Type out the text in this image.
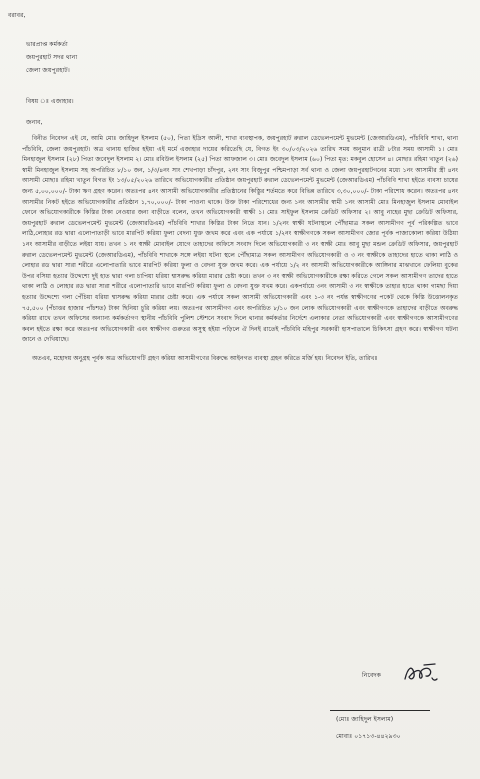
বরাবর,
ভারপ্রাপ্ত কর্মকর্তা
জয়পুরহাট সদর থানা
জেলা জয়পুরহাট।
বিষয় ঃ এজাহার।
জনাব,

বিনীত নিবেদন এই যে, আমি মোঃ জাহিদুল ইসলাম (৫০), পিতা ইদ্রিস আলী, শাখা ব্যবস্থাপক, জয়পুরহাট রুরাল ডেভেলপমেন্ট মুভমেন্ট (জেআরডিএম), পাঁচবিবি শাখা, থানা পাঁচবিবি, জেলা জয়পুরহাট। অত্র থানায় হাজির হইয়া এই মর্মে এজাহার দায়ের করিতেছি যে, বিগত ইং ৩০/০৩/২০২৬ তারিখ সময় অনুমান রাত্রী ৮টার সময় আসামী ১। মোঃ মিনহাজুল ইসলাম (২৮) পিতা জবেদুল ইসলাম ২। মোঃ রবিউল ইসলাম (২৫) পিতা আফজাল ৩। মোঃ জবেদুল ইসলাম (৬০) পিতা মৃত: মকবুল হোসেন ৪। মোছাঃ রহিমা খাতুন (২৬) স্বামী মিনহাজুল ইসলাম সহ অপরিচিত ৮/১০ জন, ১/৩/৪নং সাং শেখপাড়া চাঁদপুর, ২নং সাং বিজুপুর পশ্চিমপাড়া সর্ব থানা ও জেলা জয়পুরহাটগনের মধ্যে ১নং আসামীর স্ত্রী ৪নং আসামী মোছাঃ রহিমা খাতুন বিগত ইং ১৩/০৫/২০২৬ তারিখে অভিযোগকারীর প্রতিষ্ঠান জয়পুরহাট রুরাল ডেভেলপমেন্ট মুভমেন্ট (জেআরডিএম) পাঁচবিবি শাখা হইতে ব্যবসা চাষের জন্য ৫,০০,০০০/- টাকা ঋণ গ্রহণ করেন। অতঃপর ৪নং আসামী অভিযোগকারীর প্রতিষ্ঠানের কিস্তুির শর্তমতে করে বিভিন্ন তারিখে ৩,৩০,০০০/- টাকা পরিশোধ করেন। অতঃপর ৪নং আসামীর নিকট হইতে অভিযোগকারীর প্রতিষ্ঠান ১,৭০,০০০/- টাকা পাওনা থাকে। উক্ত টাকা পরিশোধের জন্য ১নং আসামীর স্বামী ১নং আসামী মোঃ মিনহাজুল ইসলাম মোবাইল ফোনে অভিযোগকারীকে কিস্তির টাকা নেওয়ার জন্য বাড়ীতে বলেন, তখন অভিযোগকারী স্বাক্ষী ১। মোঃ সাইফুল ইসলাম ক্রেডিট অফিসার ২। আবু নাহের মুছা ক্রেডিট অফিসার, জয়পুরহাট রুরাল ডেভেলপমেন্ট মুভমেন্ট (জেআরডিএম) পাঁচবিবি শাখার কিস্তির টাকা নিতে যান। ১/২নং স্বাক্ষী ঘটনাস্থলে পৌঁছামাত্র সকল আসামীগণ পূর্ব পরিকল্পিত ভাবে লাঠি,লোহার রড দ্বারা এলোপাতাড়ী ভাবে মারপিট করিয়া ফুলা বেদনা যুক্ত জখম করে এবং এক পর্যায়ে ১/২নং স্বাক্ষীগণকে সকল আসামীগণ জোর পূর্বক পাজাকোলা করিয়া উঠিয়া ১নং আসামীর বাড়ীতে লইয়া যায়। তখন ১ নং স্বাক্ষী মোবাইল যোগে তাহাদের অফিসে সংবাদ দিলে অভিযোগকারী ৩ নং স্বাক্ষী মোঃ আবু মুছা মন্ডল ক্রেডিট অফিসার, জয়পুরহাট রুরাল ডেভেলপমেন্ট মুভমেন্ট (জেআরডিএম), পাঁচবিবি শাখাকে সঙ্গে লইয়া ঘটনা স্থলে পৌঁছামাত্র সকল আসামীগণ অভিযোগকারী ও ৩ নং স্বাক্ষীকে তাহাদের হাতে থাকা লাঠি ও লোহার রড দ্বারা সারা শরীরে এলোপাতারি ভাবে মারপিট করিয়া ফুলা ও বেদনা যুক্ত জখম করে। এক পর্যায়ে ১/২ নং আসামী অভিযোগকারীকে আঙ্গিনার মাঝখানে ফেলিয়া বুকের উপর বসিয়া হত্যার উদ্দেশ্যে দুই হাত দ্বারা গলা চাপিয়া ধরিয়া শ্বাসরুদ্ধ করিয়া মারার চেষ্টা করে। তখন ৩ নং স্বাক্ষী অভিযোগকারীকে রক্ষা করিতে গেলে সকল আসামীগণ তাদের হাতে থাকা লাঠি ও লোহার রড দ্বারা সারা শরীরে এলোপাতারি ভাবে মারপিট করিয়া ফুলা ও বেদনা যুক্ত যখম করে। একপর্যায়ে ৩নং আসামী ৩ নং স্বাক্ষীকে তাহার হাতে থাকা গামছা দিয়া হত্যার উদ্দেশ্যে গলা পেঁচিয়া ধরিয়া শ্বাসরুদ্ধ করিয়া মারার চেষ্টা করে। এক পর্যায়ে সকল আসামী অভিযোগকারী এবং ১-৩ নং পর্যন্ত স্বাক্ষীগণের পকেট থেকে কিস্তি উত্তোলনকৃত ৭৫,৫০০ (পঁচাত্তর হাজার পাঁচশত) টাকা ছিনিয়া চুরি করিয়া লয়। অতঃপর আসামীগণ এবং অপরিচিত ৮/১০ জন লোক অভিযোগকারী এবং স্বাক্ষীগণকে তাহাদের বাড়ীতে অবরুদ্ধ করিয়া রাখে তখন অফিসের অন্যান্য কর্মকর্তাগণ স্থানীয় পাঁচবিবি পুলিশ স্টেশনে সংবাদ দিলে থানার কর্মকর্তার নির্দেশে এলাকার নেতা অভিযোগকারী এবং স্বাক্ষীগণকে আসামীগণের কবল হইতে রক্ষা করে অতঃপর অভিযোগকারী এবং স্বাক্ষীগণ গুরুতর অসুস্থ হইয়া পড়িলে ঐ দিনই রাতেই পাঁচবিবি মহিপুর সরকারী হাসপাতালে চিকিৎসা গ্রহণ করে। স্বাক্ষীগণ ঘটনা জানে ও দেখিয়াছে।

অতএব, মহোদয় অনুগ্রহ পূর্বক অত্র অভিযোগটি গ্রহণ করিয়া আসামীগণের বিরুদ্ধে আইনগত ব্যবস্থা গ্রহন করিতে মর্জি হয়। নিবেদন ইতি, তারিখঃ

নিবেদক
(মোঃ জাহিদুল ইসলাম)
মোবাঃ ০১৭১৩-৪৪২৯৩০
